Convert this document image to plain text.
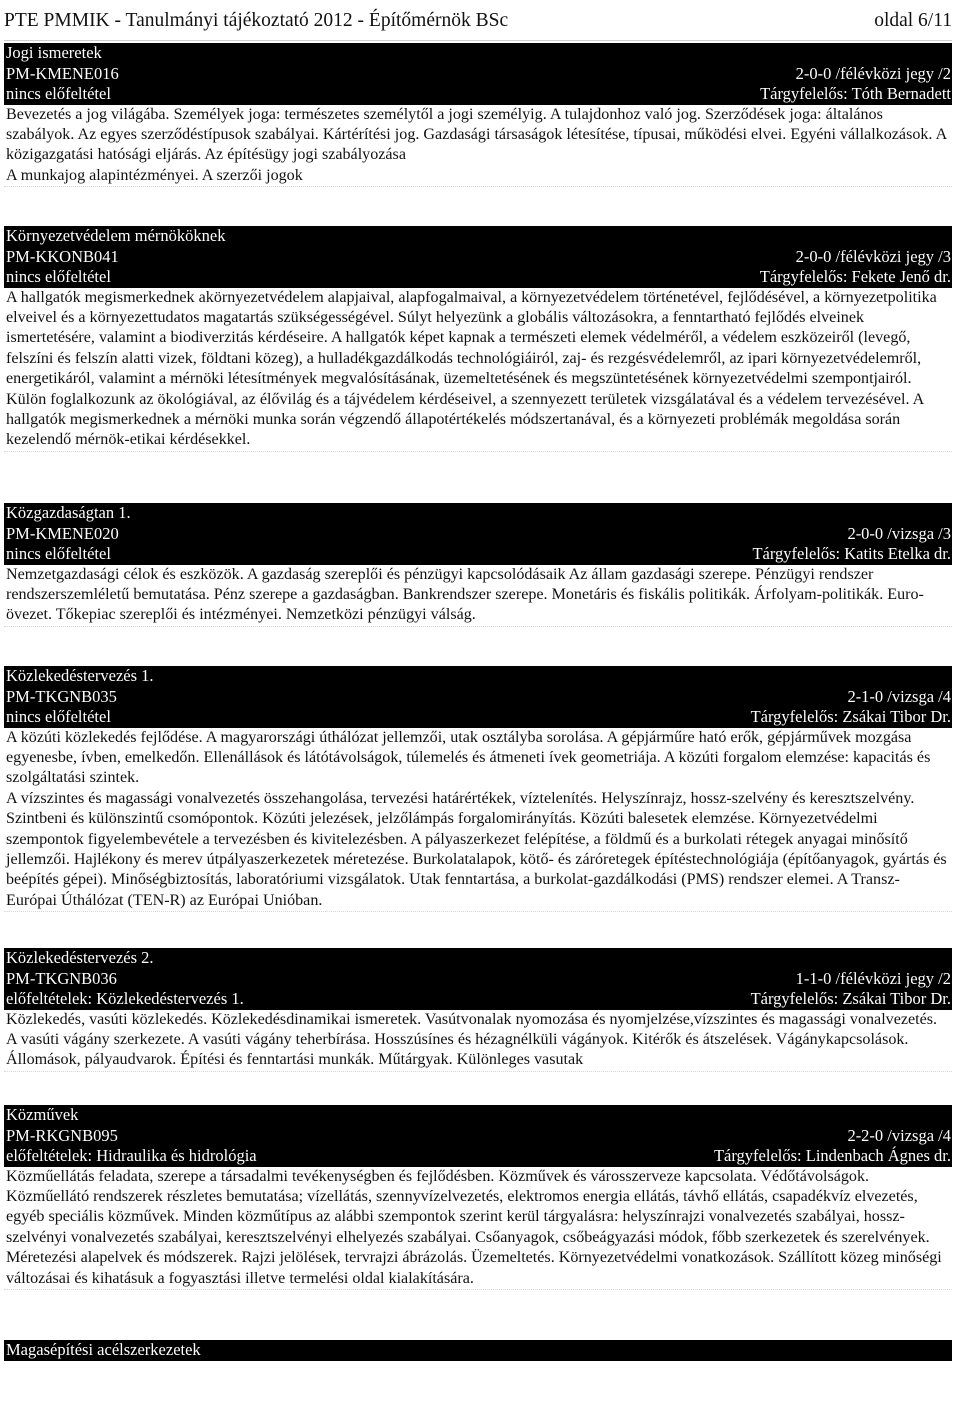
PTE PMMIK - Tanulmányi tájékoztató 2012 - Építőmérnök BSc	oldal 6/11
Jogi ismeretek
PM-KMENE016	2-0-0 /félévközi jegy /2
nincs előfeltétel	Tárgyfelelős: Tóth Bernadett
Bevezetés a jog világába. Személyek joga: természetes személytől a jogi személyig. A tulajdonhoz való jog. Szerződések joga: általános szabályok. Az egyes szerződéstípusok szabályai. Kártérítési jog. Gazdasági társaságok létesítése, típusai, működési elvei. Egyéni vállalkozások. A közigazgatási hatósági eljárás. Az építésügy jogi szabályozása
A munkajog alapintézményei. A szerzői jogok
Környezetvédelem mérnököknek
PM-KKONB041	2-0-0 /félévközi jegy /3
nincs előfeltétel	Tárgyfelelős: Fekete Jenő dr.
A hallgatók megismerkednek akörnyezetvédelem alapjaival, alapfogalmaival, a környezetvédelem történetével, fejlődésével, a környezetpolitika elveivel és a környezettudatos magatartás szükségességével. Súlyt helyezünk a globális változásokra, a fenntartható fejlődés elveinek ismertetésére, valamint a biodiverzitás kérdéseire. A hallgatók képet kapnak a természeti elemek védelméről, a védelem eszközeiről (levegő, felszíni és felszín alatti vizek, földtani közeg), a hulladékgazdálkodás technológiáiról, zaj- és rezgésvédelemről, az ipari környezetvédelemről, energetikáról, valamint a mérnöki létesítmények megvalósításának, üzemeltetésének és megszüntetésének környezetvédelmi szempontjairól. Külön foglalkozunk az ökológiával, az élővilág és a tájvédelem kérdéseivel, a szennyezett területek vizsgálatával és a védelem tervezésével. A hallgatók megismerkednek a mérnöki munka során végzendő állapotértékelés módszertanával, és a környezeti problémák megoldása során kezelendő mérnök-etikai kérdésekkel.
Közgazdaságtan 1.
PM-KMENE020	2-0-0 /vizsga /3
nincs előfeltétel	Tárgyfelelős: Katits Etelka dr.
Nemzetgazdasági célok és eszközök. A gazdaság szereplői és pénzügyi kapcsolódásaik Az állam gazdasági szerepe. Pénzügyi rendszer rendszerszemléletű bemutatása. Pénz szerepe a gazdaságban. Bankrendszer szerepe. Monetáris és fiskális politikák. Árfolyam-politikák. Euro-övezet. Tőkepiac szereplői és intézményei. Nemzetközi pénzügyi válság.
Közlekedéstervezés 1.
PM-TKGNB035	2-1-0 /vizsga /4
nincs előfeltétel	Tárgyfelelős: Zsákai Tibor Dr.
A közúti közlekedés fejlődése. A magyarországi úthálózat jellemzői, utak osztályba sorolása. A gépjárműre ható erők, gépjárművek mozgása egyenesbe, ívben, emelkedőn. Ellenállások és látótávolságok, túlemelés és átmeneti ívek geometriája. A közúti forgalom elemzése: kapacitás és szolgáltatási szintek.
A vízszintes és magassági vonalvezetés összehangolása, tervezési határértékek, víztelenítés. Helyszínrajz, hossz-szelvény és keresztszelvény. Szintbeni és különszintű csomópontok. Közúti jelezések, jelzőlámpás forgalomirányítás. Közúti balesetek elemzése. Környezetvédelmi szempontok figyelembevétele a tervezésben és kivitelezésben. A pályaszerkezet felépítése, a földmű és a burkolati rétegek anyagai minősítő jellemzői. Hajlékony és merev útpályaszerkezetek méretezése. Burkolatalapok, kötő- és záróretegek építéstechnológiája (építőanyagok, gyártás és beépítés gépei). Minőségbiztosítás, laboratóriumi vizsgálatok. Utak fenntartása, a burkolat-gazdálkodási (PMS) rendszer elemei. A Transz-Európai Úthálózat (TEN-R) az Európai Unióban.
Közlekedéstervezés 2.
PM-TKGNB036	1-1-0 /félévközi jegy /2
előfeltételek: Közlekedéstervezés 1.	Tárgyfelelős: Zsákai Tibor Dr.
Közlekedés, vasúti közlekedés. Közlekedésdinamikai ismeretek. Vasútvonalak nyomozása és nyomjelzése,vízszintes és magassági vonalvezetés. A vasúti vágány szerkezete. A vasúti vágány teherbírása. Hosszúsínes és hézagnélküli vágányok. Kitérők és átszelések. Vágánykapcsolások. Állomások, pályaudvarok. Építési és fenntartási munkák. Műtárgyak. Különleges vasutak
Közművek
PM-RKGNB095	2-2-0 /vizsga /4
előfeltételek: Hidraulika és hidrológia	Tárgyfelelős: Lindenbach Ágnes dr.
Közműellátás feladata, szerepe a társadalmi tevékenységben és fejlődésben. Közművek és városszerveze kapcsolata. Védőtávolságok. Közműellátó rendszerek részletes bemutatása; vízellátás, szennyvízelvezetés, elektromos energia ellátás, távhő ellátás, csapadékvíz elvezetés, egyéb speciális közművek. Minden közműtípus az alábbi szempontok szerint kerül tárgyalásra: helyszínrajzi vonalvezetés szabályai, hossz-szelvényi vonalvezetés szabályai, keresztszelvényi elhelyezés szabályai. Csőanyagok, csőbeágyazási módok, főbb szerkezetek és szerelvények. Méretezési alapelvek és módszerek. Rajzi jelölések, tervrajzi ábrázolás. Üzemeltetés. Környezetvédelmi vonatkozások. Szállított közeg minőségi változásai és kihatásuk a fogyasztási illetve termelési oldal kialakítására.
Magasépítési acélszerkezetek
